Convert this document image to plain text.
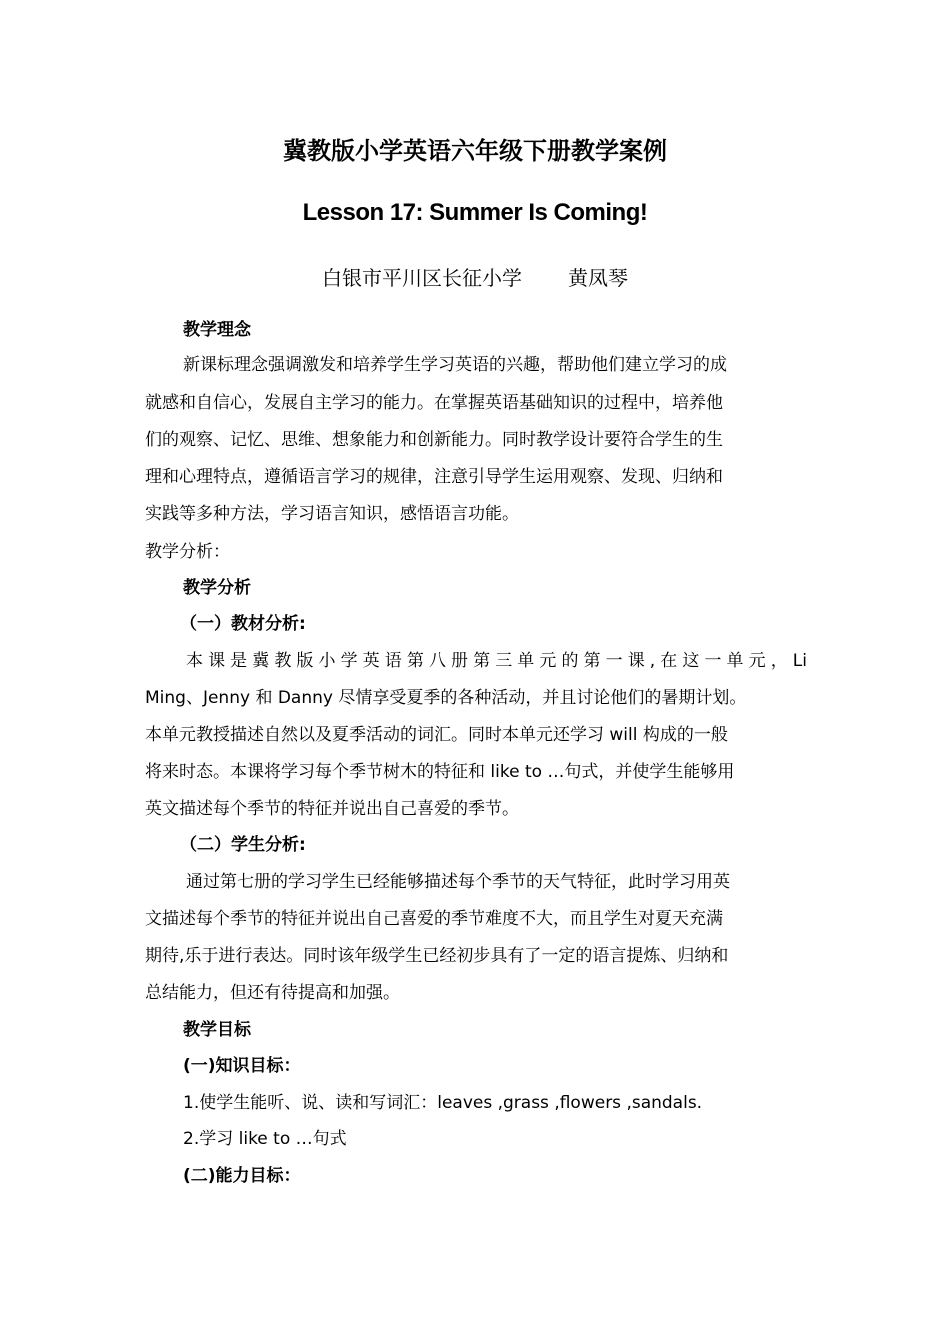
冀教版小学英语六年级下册教学案例
Lesson 17: Summer Is Coming!
白银市平川区长征小学 黄凤琴
教学理念
新课标理念强调激发和培养学生学习英语的兴趣，帮助他们建立学习的成
就感和自信心，发展自主学习的能力。在掌握英语基础知识的过程中，培养他
们的观察、记忆、思维、想象能力和创新能力。同时教学设计要符合学生的生
理和心理特点，遵循语言学习的规律，注意引导学生运用观察、发现、归纳和
实践等多种方法，学习语言知识，感悟语言功能。
教学分析：
教学分析
（一）教材分析:
本课是冀教版小学英语第八册第三单元的第一课,在这一单元，Li
Ming、Jenny 和 Danny 尽情享受夏季的各种活动，并且讨论他们的暑期计划。
本单元教授描述自然以及夏季活动的词汇。同时本单元还学习 will 构成的一般
将来时态。本课将学习每个季节树木的特征和 like to …句式，并使学生能够用
英文描述每个季节的特征并说出自己喜爱的季节。
（二）学生分析:
通过第七册的学习学生已经能够描述每个季节的天气特征，此时学习用英
文描述每个季节的特征并说出自己喜爱的季节难度不大，而且学生对夏天充满
期待,乐于进行表达。同时该年级学生已经初步具有了一定的语言提炼、归纳和
总结能力，但还有待提高和加强。
教学目标
(一)知识目标：
1.使学生能听、说、读和写词汇：leaves ,grass ,flowers ,sandals.
2.学习 like to …句式
(二)能力目标：
